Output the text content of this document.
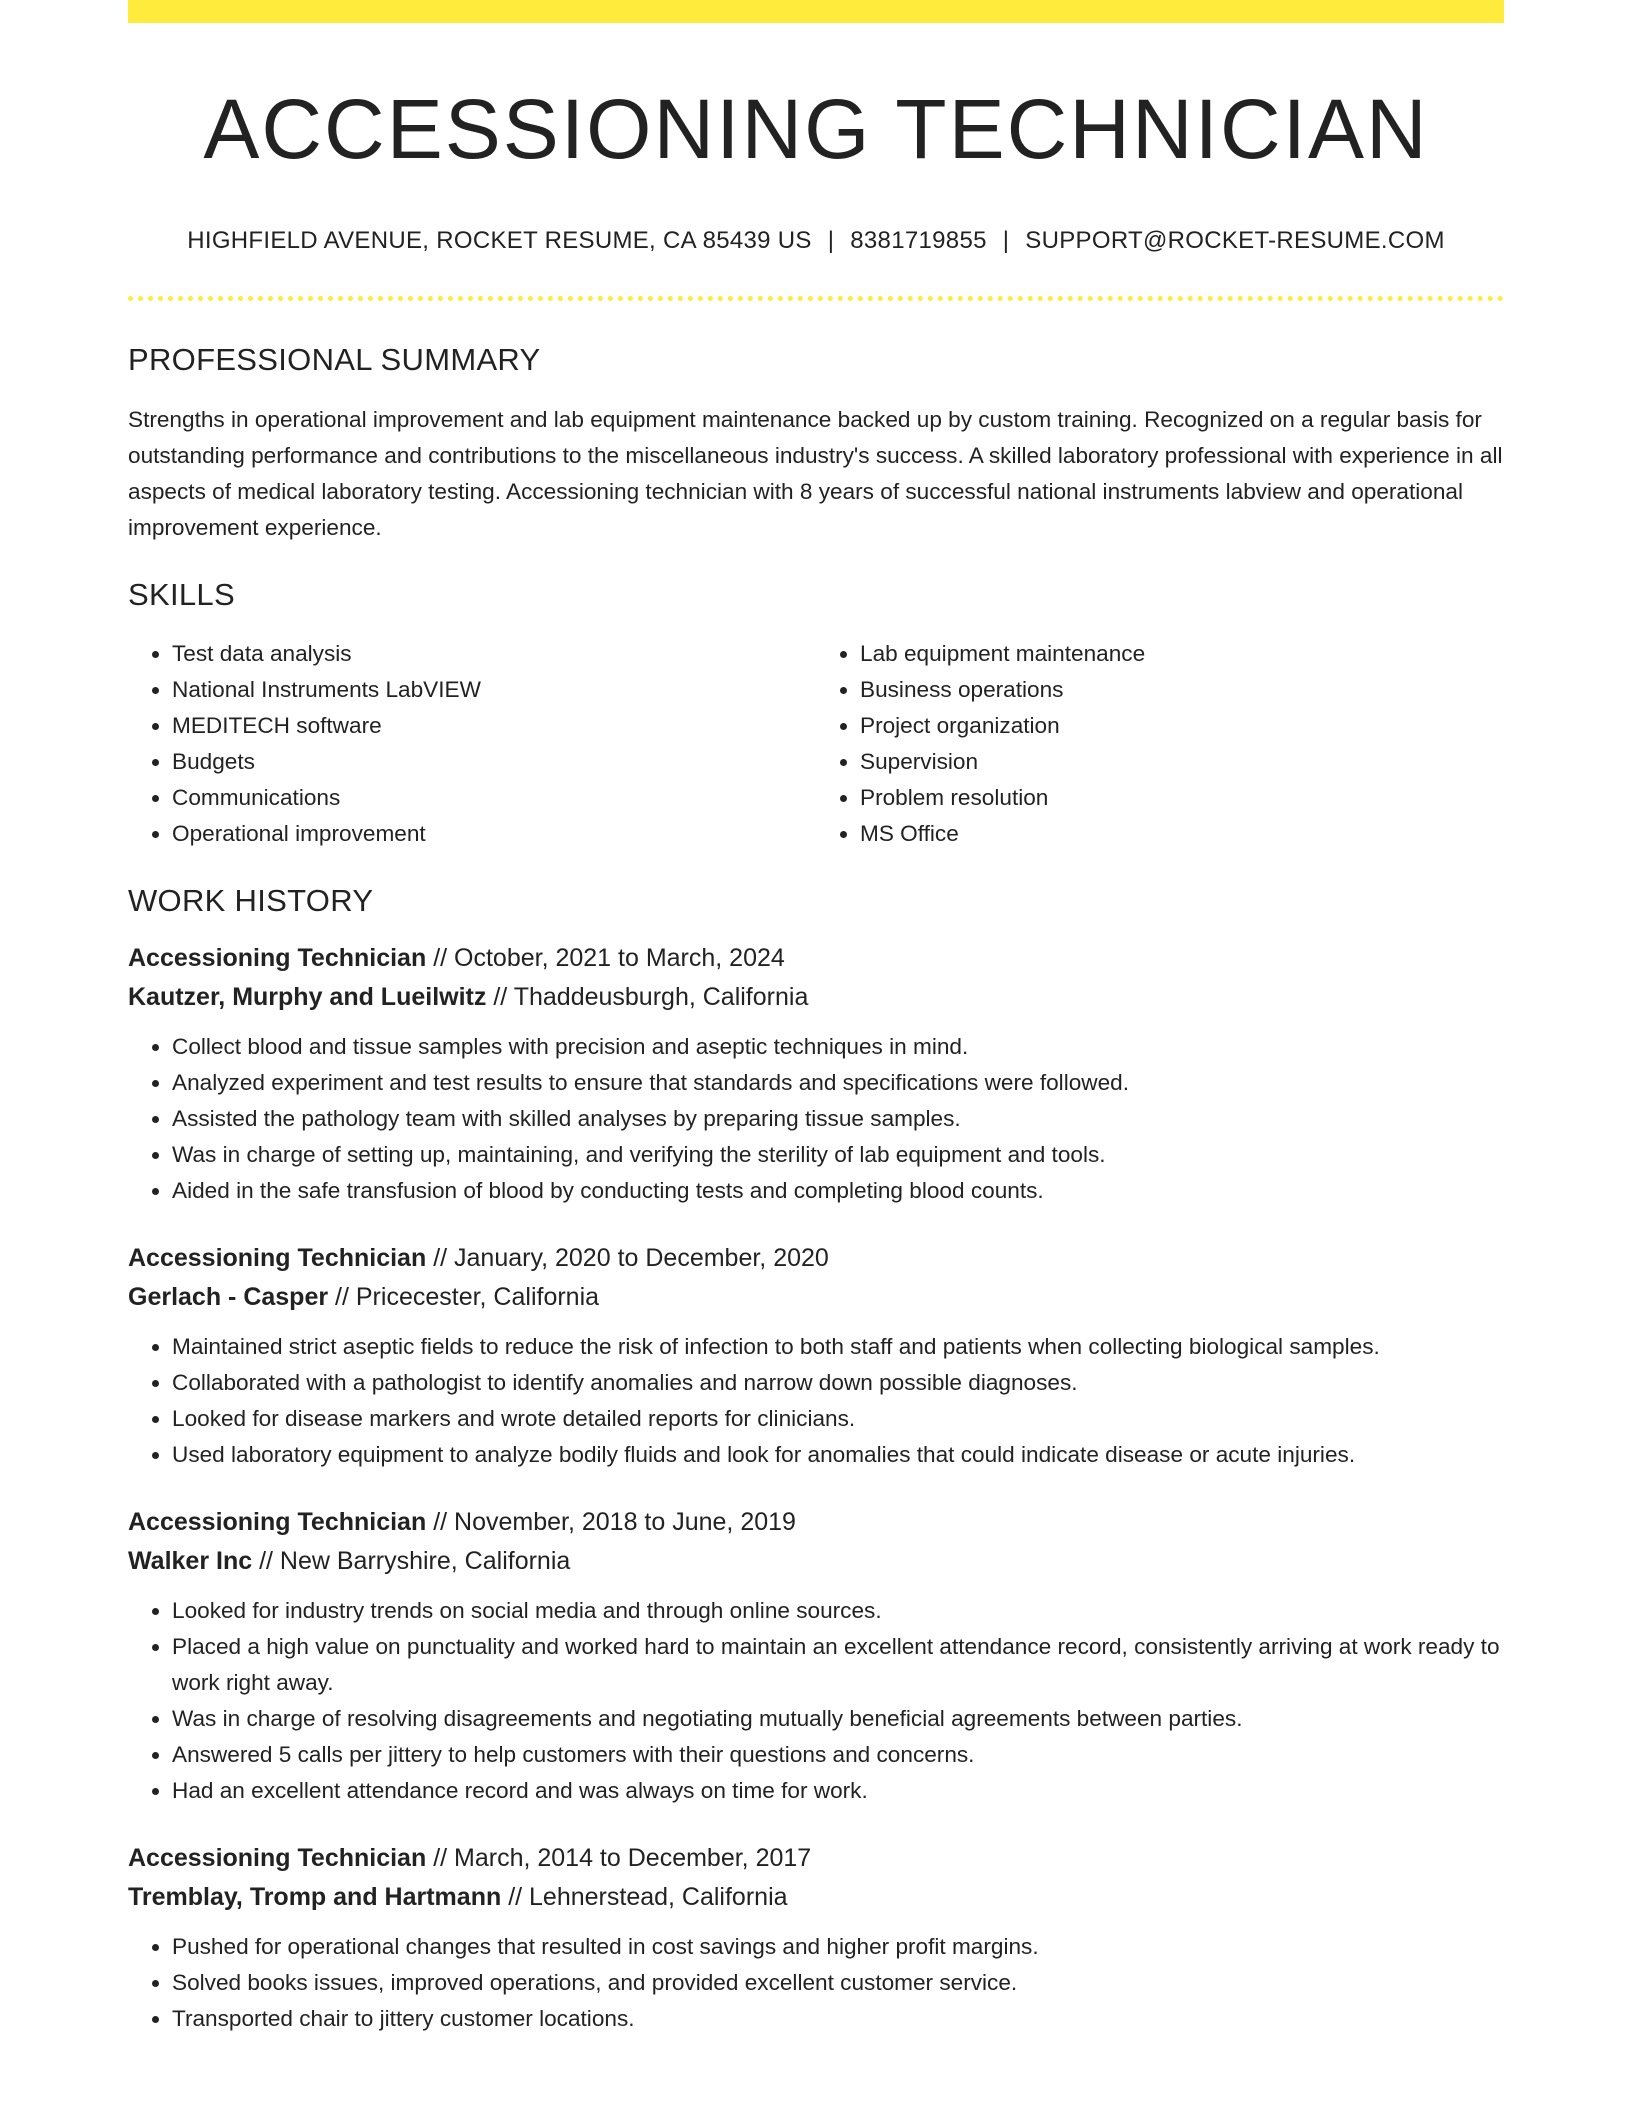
ACCESSIONING TECHNICIAN
HIGHFIELD AVENUE, ROCKET RESUME, CA 85439 US | 8381719855 | SUPPORT@ROCKET-RESUME.COM
PROFESSIONAL SUMMARY

Strengths in operational improvement and lab equipment maintenance backed up by custom training. Recognized on a regular basis for outstanding performance and contributions to the miscellaneous industry's success. A skilled laboratory professional with experience in all aspects of medical laboratory testing. Accessioning technician with 8 years of successful national instruments labview and operational improvement experience.

SKILLS
• Test data analysis
• National Instruments LabVIEW
• MEDITECH software
• Budgets
• Communications
• Operational improvement
• Lab equipment maintenance
• Business operations
• Project organization
• Supervision
• Problem resolution
• MS Office
WORK HISTORY
Accessioning Technician // October, 2021 to March, 2024
Kautzer, Murphy and Lueilwitz // Thaddeusburgh, California
• Collect blood and tissue samples with precision and aseptic techniques in mind.
• Analyzed experiment and test results to ensure that standards and specifications were followed.
• Assisted the pathology team with skilled analyses by preparing tissue samples.
• Was in charge of setting up, maintaining, and verifying the sterility of lab equipment and tools.
• Aided in the safe transfusion of blood by conducting tests and completing blood counts.
Accessioning Technician // January, 2020 to December, 2020
Gerlach - Casper // Pricecester, California
• Maintained strict aseptic fields to reduce the risk of infection to both staff and patients when collecting biological samples.
• Collaborated with a pathologist to identify anomalies and narrow down possible diagnoses.
• Looked for disease markers and wrote detailed reports for clinicians.
• Used laboratory equipment to analyze bodily fluids and look for anomalies that could indicate disease or acute injuries.
Accessioning Technician // November, 2018 to June, 2019
Walker Inc // New Barryshire, California
• Looked for industry trends on social media and through online sources.
• Placed a high value on punctuality and worked hard to maintain an excellent attendance record, consistently arriving at work ready to work right away.
• Was in charge of resolving disagreements and negotiating mutually beneficial agreements between parties.
• Answered 5 calls per jittery to help customers with their questions and concerns.
• Had an excellent attendance record and was always on time for work.
Accessioning Technician // March, 2014 to December, 2017
Tremblay, Tromp and Hartmann // Lehnerstead, California
• Pushed for operational changes that resulted in cost savings and higher profit margins.
• Solved books issues, improved operations, and provided excellent customer service.
• Transported chair to jittery customer locations.
